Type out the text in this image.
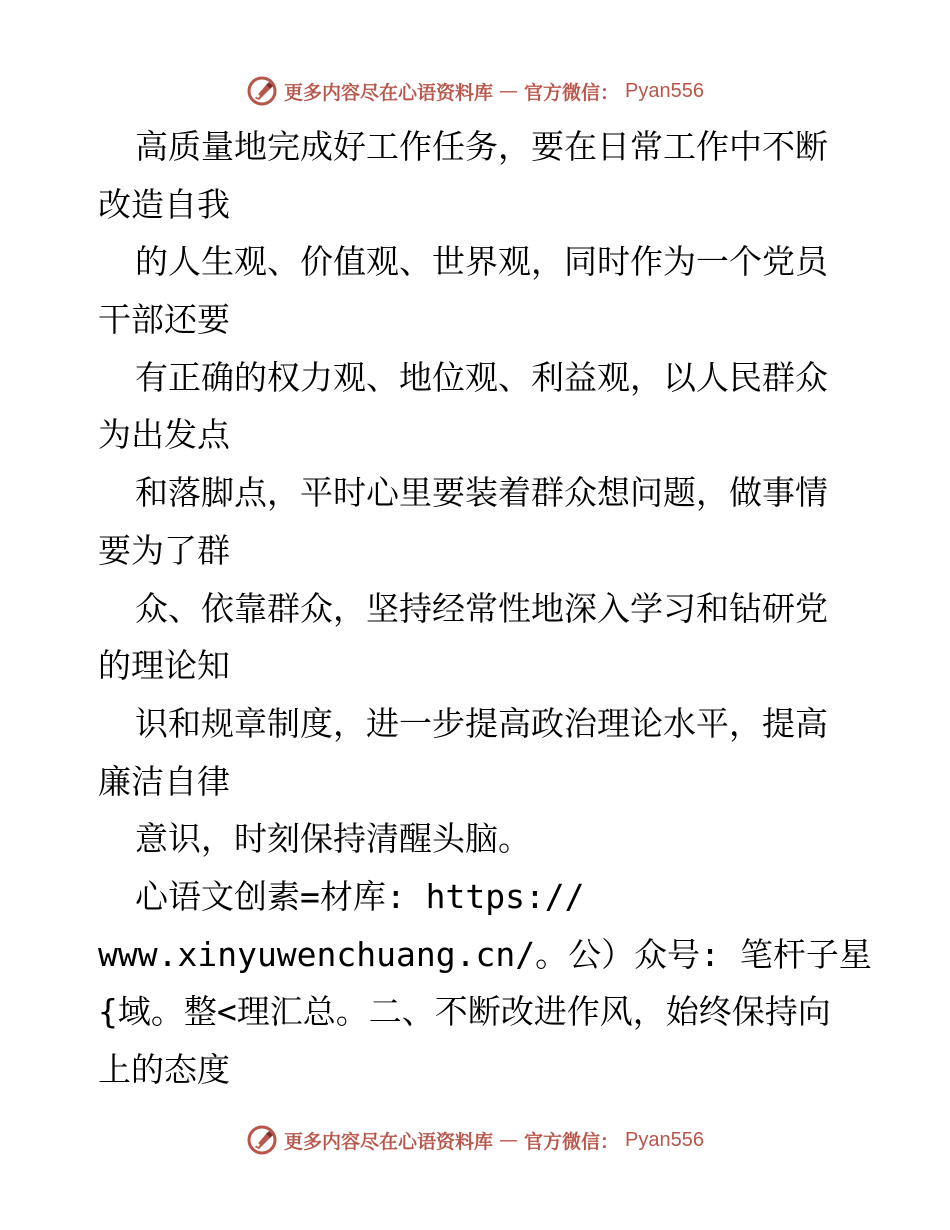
更多内容尽在心语资料库 — 官方微信： Pyan556
高质量地完成好工作任务，要在日常工作中不断
改造自我
的人生观、价值观、世界观，同时作为一个党员
干部还要
有正确的权力观、地位观、利益观，以人民群众
为出发点
和落脚点，平时心里要装着群众想问题，做事情
要为了群
众、依靠群众，坚持经常性地深入学习和钻研党
的理论知
识和规章制度，进一步提高政治理论水平，提高
廉洁自律
意识，时刻保持清醒头脑。
心语文创素=材库: https://
www.xinyuwenchuang.cn/。公）众号: 笔杆子星
{域。整<理汇总。二、不断改进作风，始终保持向
上的态度
更多内容尽在心语资料库 — 官方微信： Pyan556
